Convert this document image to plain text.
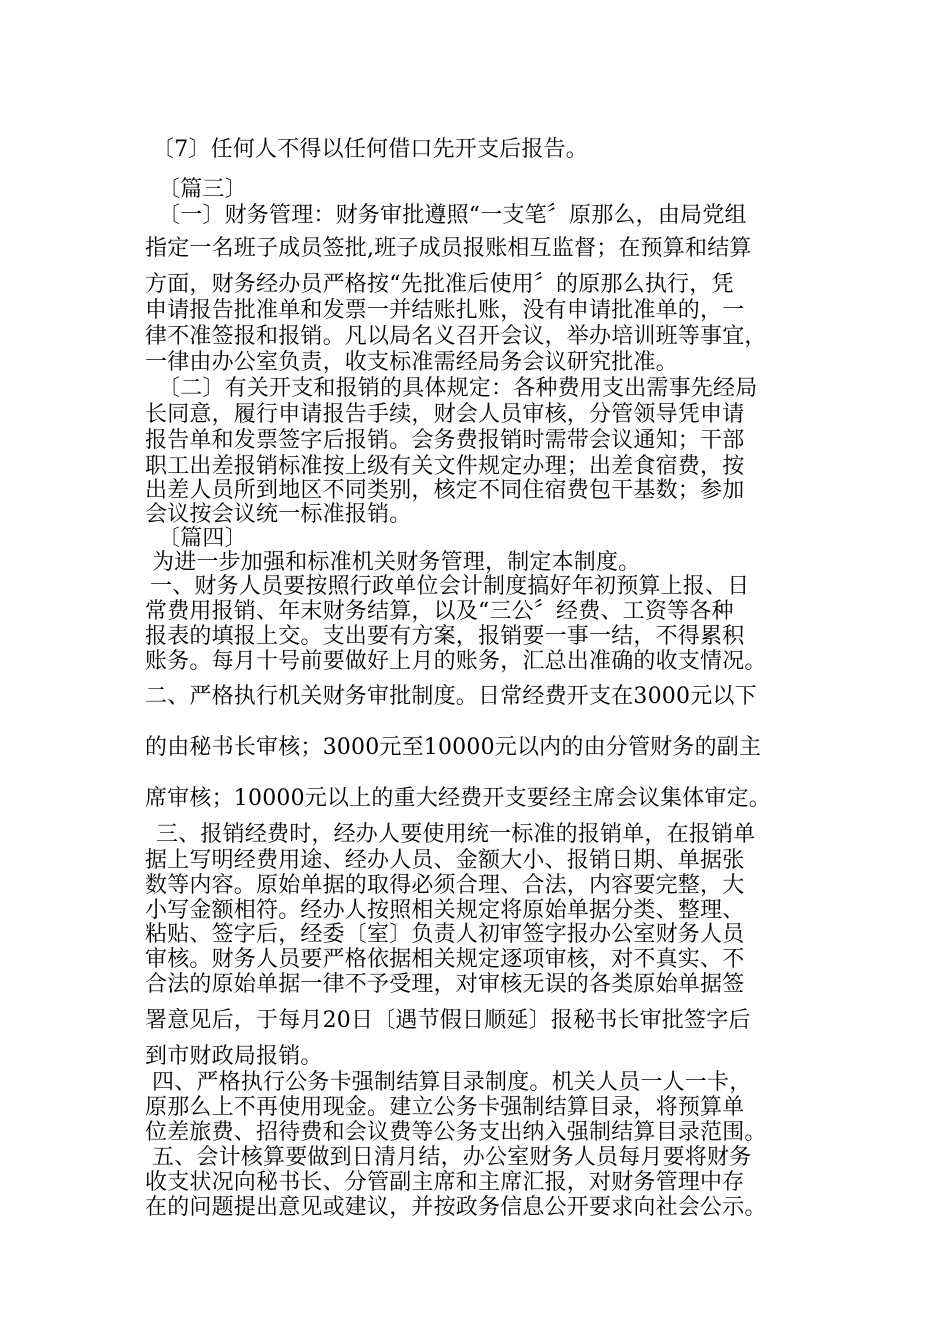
〔7〕任何人不得以任何借口先开支后报告。
〔篇三〕
〔一〕财务管理：财务审批遵照“一支笔〞原那么，由局党组
指定一名班子成员签批,班子成员报账相互监督；在预算和结算
方面，财务经办员严格按“先批准后使用〞的原那么执行，凭
申请报告批准单和发票一并结账扎账，没有申请批准单的，一
律不准签报和报销。凡以局名义召开会议，举办培训班等事宜，
一律由办公室负责，收支标准需经局务会议研究批准。
〔二〕有关开支和报销的具体规定：各种费用支出需事先经局
长同意，履行申请报告手续，财会人员审核，分管领导凭申请
报告单和发票签字后报销。会务费报销时需带会议通知；干部
职工出差报销标准按上级有关文件规定办理；出差食宿费，按
出差人员所到地区不同类别，核定不同住宿费包干基数；参加
会议按会议统一标准报销。
〔篇四〕
为进一步加强和标准机关财务管理，制定本制度。
一、财务人员要按照行政单位会计制度搞好年初预算上报、日
常费用报销、年末财务结算，以及“三公〞经费、工资等各种
报表的填报上交。支出要有方案，报销要一事一结，不得累积
账务。每月十号前要做好上月的账务，汇总出准确的收支情况。
二、严格执行机关财务审批制度。日常经费开支在3000元以下
的由秘书长审核；3000元至10000元以内的由分管财务的副主
席审核；10000元以上的重大经费开支要经主席会议集体审定。
三、报销经费时，经办人要使用统一标准的报销单，在报销单
据上写明经费用途、经办人员、金额大小、报销日期、单据张
数等内容。原始单据的取得必须合理、合法，内容要完整，大
小写金额相符。经办人按照相关规定将原始单据分类、整理、
粘贴、签字后，经委〔室〕负责人初审签字报办公室财务人员
审核。财务人员要严格依据相关规定逐项审核，对不真实、不
合法的原始单据一律不予受理，对审核无误的各类原始单据签
署意见后，于每月20日〔遇节假日顺延〕报秘书长审批签字后
到市财政局报销。
四、严格执行公务卡强制结算目录制度。机关人员一人一卡，
原那么上不再使用现金。建立公务卡强制结算目录，将预算单
位差旅费、招待费和会议费等公务支出纳入强制结算目录范围。
五、会计核算要做到日清月结，办公室财务人员每月要将财务
收支状况向秘书长、分管副主席和主席汇报，对财务管理中存
在的问题提出意见或建议，并按政务信息公开要求向社会公示。
